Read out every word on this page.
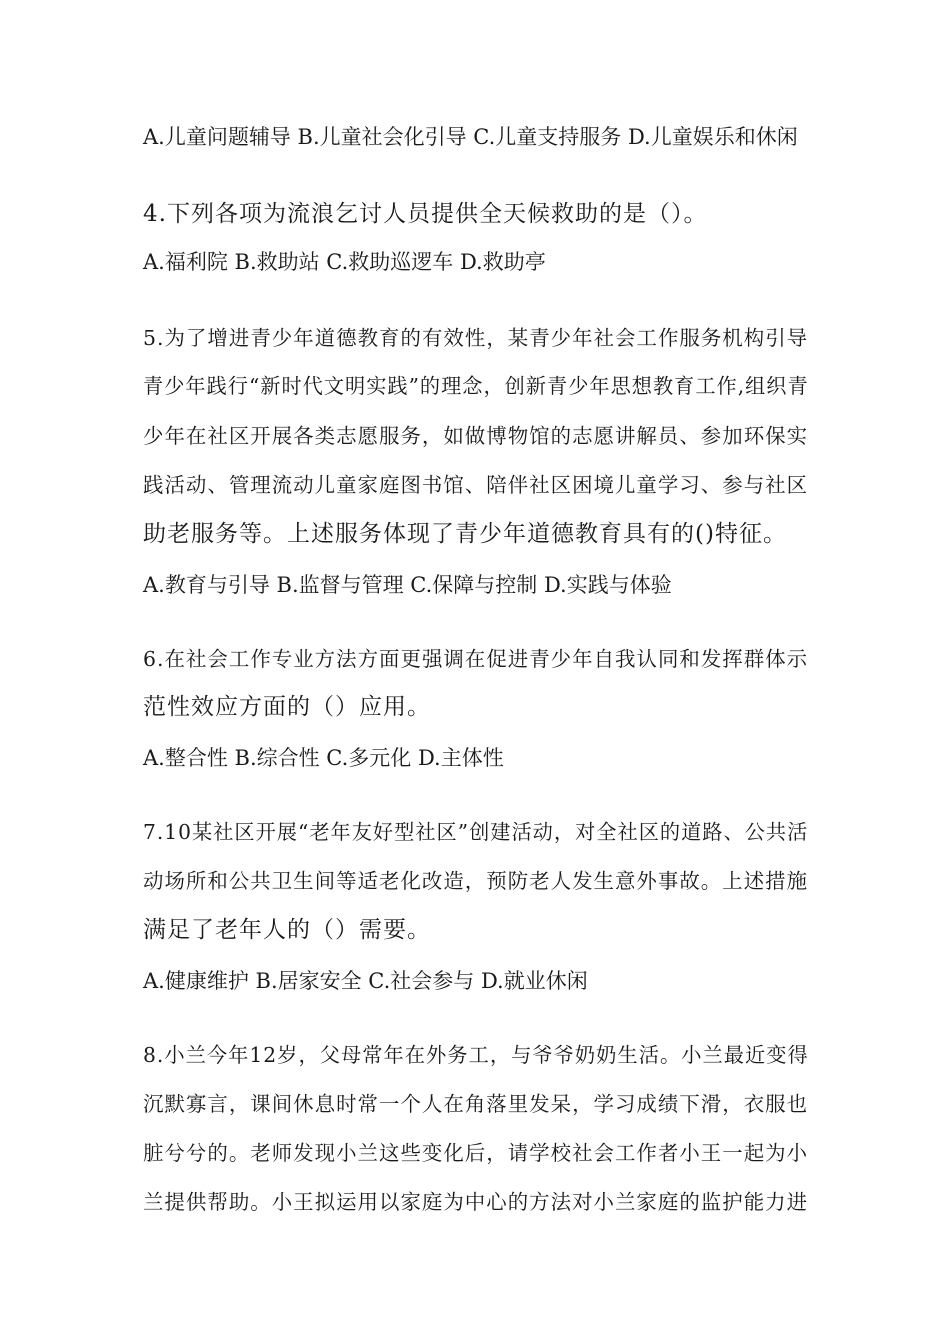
A.儿童问题辅导 B.儿童社会化引导 C.儿童支持服务 D.儿童娱乐和休闲
4.下列各项为流浪乞讨人员提供全天候救助的是（）。
A.福利院 B.救助站 C.救助巡逻车 D.救助亭
5.为了增进青少年道德教育的有效性，某青少年社会工作服务机构引导
青少年践行“新时代文明实践”的理念，创新青少年思想教育工作,组织青
少年在社区开展各类志愿服务，如做博物馆的志愿讲解员、参加环保实
践活动、管理流动儿童家庭图书馆、陪伴社区困境儿童学习、参与社区
助老服务等。上述服务体现了青少年道德教育具有的()特征。
A.教育与引导 B.监督与管理 C.保障与控制 D.实践与体验
6.在社会工作专业方法方面更强调在促进青少年自我认同和发挥群体示
范性效应方面的（）应用。
A.整合性 B.综合性 C.多元化 D.主体性
7.10某社区开展“老年友好型社区”创建活动，对全社区的道路、公共活
动场所和公共卫生间等适老化改造，预防老人发生意外事故。上述措施
满足了老年人的（）需要。
A.健康维护 B.居家安全 C.社会参与 D.就业休闲
8.小兰今年12岁，父母常年在外务工，与爷爷奶奶生活。小兰最近变得
沉默寡言，课间休息时常一个人在角落里发呆，学习成绩下滑，衣服也
脏兮兮的。老师发现小兰这些变化后，请学校社会工作者小王一起为小
兰提供帮助。小王拟运用以家庭为中心的方法对小兰家庭的监护能力进
